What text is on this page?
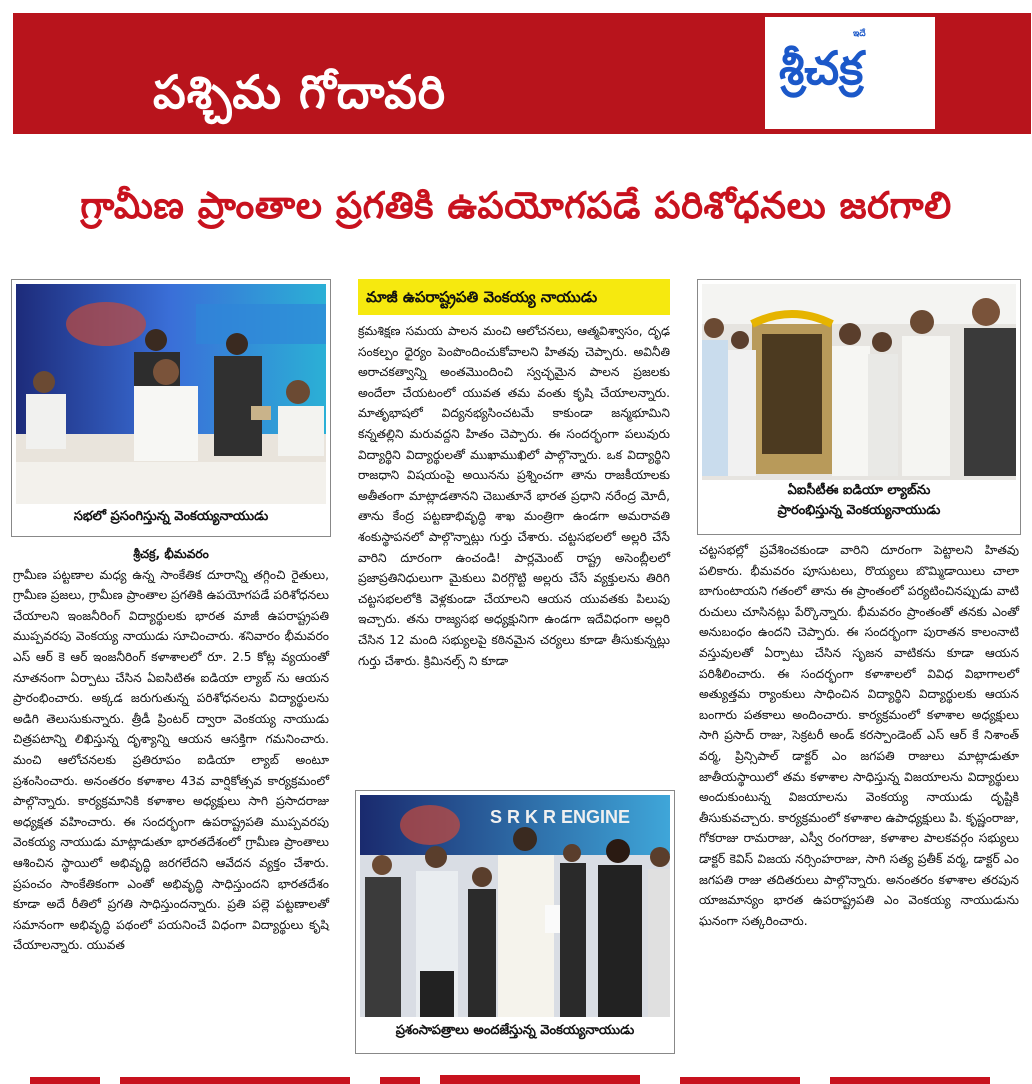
పశ్చిమ గోదావరి
ఇదే
శ్రీచక్ర
గ్రామీణ ప్రాంతాల ప్రగతికి ఉపయోగపడే పరిశోధనలు జరగాలి
సభలో ప్రసంగిస్తున్న వెంకయ్యనాయుడు

శ్రీచక్ర, భీమవరం

గ్రామీణ పట్టణాల మధ్య ఉన్న సాంకేతిక దూరాన్ని తగ్గించి రైతులు, గ్రామీణ ప్రజలు, గ్రామీణ ప్రాంతాల ప్రగతికి ఉపయోగపడే పరిశోధనలు చేయాలని ఇంజనీరింగ్ విద్యార్థులకు భారత మాజీ ఉపరాష్ట్రపతి ముప్పవరపు వెంకయ్య నాయుడు సూచించారు. శనివారం భీమవరం ఎస్ ఆర్ కె ఆర్ ఇంజనీరింగ్ కళాశాలలో రూ. 2.5 కోట్ల వ్యయంతో నూతనంగా ఏర్పాటు చేసిన ఏఐసిటిఈ ఐడియా ల్యాబ్ ను ఆయన ప్రారంభించారు. అక్కడ జరుగుతున్న పరిశోధనలను విద్యార్థులను అడిగి తెలుసుకున్నారు. త్రీడీ ప్రింటర్ ద్వారా వెంకయ్య నాయుడు చిత్రపటాన్ని లిఖిస్తున్న దృశ్యాన్ని ఆయన ఆసక్తిగా గమనించారు. మంచి ఆలోచనలకు ప్రతిరూపం ఐడియా ల్యాబ్ అంటూ ప్రశంసించారు. అనంతరం కళాశాల 43వ వార్షికోత్సవ కార్యక్రమంలో పాల్గొన్నారు. కార్యక్రమానికి కళాశాల అధ్యక్షులు సాగి ప్రసాదరాజు అధ్యక్షత వహించారు. ఈ సందర్భంగా ఉపరాష్ట్రపతి ముప్పవరపు వెంకయ్య నాయుడు మాట్లాడుతూ భారతదేశంలో గ్రామీణ ప్రాంతాలు ఆశించిన స్థాయిలో అభివృద్ధి జరగలేదని ఆవేదన వ్యక్తం చేశారు. ప్రపంచం సాంకేతికంగా ఎంతో అభివృద్ధి సాధిస్తుందని భారతదేశం కూడా అదే రీతిలో ప్రగతి సాధిస్తుందన్నారు. ప్రతి పల్లె పట్టణాలతో సమానంగా అభివృద్ధి పథంలో పయనించే విధంగా విద్యార్థులు కృషి చేయాలన్నారు. యువత

మాజీ ఉపరాష్ట్రపతి వెంకయ్య నాయుడు

క్రమశిక్షణ సమయ పాలన మంచి ఆలోచనలు, ఆత్మవిశ్వాసం, దృఢ సంకల్పం ధైర్యం పెంపొందించుకోవాలని హితవు చెప్పారు. అవినీతి అరాచకత్వాన్ని అంతమొందించి స్వచ్ఛమైన పాలన ప్రజలకు అందేలా చేయటంలో యువత తమ వంతు కృషి చేయాలన్నారు. మాతృభాషలో విద్యనభ్యసించటమే కాకుండా జన్మభూమిని కన్నతల్లిని మరువద్దని హితం చెప్పారు. ఈ సందర్భంగా పలువురు విద్యార్థిని విద్యార్థులతో ముఖాముఖిలో పాల్గొన్నారు. ఒక విద్యార్థిని రాజధాని విషయంపై అయినను ప్రశ్నించగా తాను రాజకీయాలకు అతీతంగా మాట్లాడతానని చెబుతూనే భారత ప్రధాని నరేంద్ర మోదీ, తాను కేంద్ర పట్టణాభివృద్ధి శాఖ మంత్రిగా ఉండగా అమరావతి శంకుస్థాపనలో పాల్గొన్నాట్లు గుర్తు చేశారు. చట్టసభలలో అల్లరి చేసే వారిని దూరంగా ఉంచండి! పార్లమెంట్ రాష్ట్ర అసెంబ్లీలలో ప్రజాప్రతినిధులుగా మైకులు విరగ్గొట్టి అల్లరు చేసే వ్యక్తులను తిరిగి చట్టసభలలోకి వెళ్లకుండా చేయాలని ఆయన యువతకు పిలుపు ఇచ్చారు. తను రాజ్యసభ అధ్యక్షునిగా ఉండగా ఇదేవిధంగా అల్లరి చేసిన 12 మంది సభ్యులపై కఠినమైన చర్యలు కూడా తీసుకున్నట్లు గుర్తు చేశారు. క్రిమినల్స్ ని కూడా

S R K R ENGINE
ప్రశంసాపత్రాలు అందజేస్తున్న వెంకయ్యనాయుడు
ఏఐసీటీఈ ఐడియా ల్యాబ్‌ను
ప్రారంభిస్తున్న వెంకయ్యనాయుడు

చట్టసభల్లో ప్రవేశించకుండా వారిని దూరంగా పెట్టాలని హితవు పలికారు. భీమవరం పూసుటలు, రొయ్యలు బొమ్మిడాయిలు చాలా బాగుంటాయని గతంలో తాను ఈ ప్రాంతంలో పర్యటించినప్పుడు వాటి రుచులు చూసినట్లు పేర్కొన్నారు. భీమవరం ప్రాంతంతో తనకు ఎంతో అనుబంధం ఉందని చెప్పారు. ఈ సందర్భంగా పురాతన కాలంనాటి వస్తువులతో ఏర్పాటు చేసిన సృజన వాటికను కూడా ఆయన పరిశీలించారు. ఈ సందర్భంగా కళాశాలలో వివిధ విభాగాలలో అత్యుత్తమ ర్యాంకులు సాధించిన విద్యార్థిని విద్యార్థులకు ఆయన బంగారు పతకాలు అందించారు. కార్యక్రమంలో కళాశాల అధ్యక్షులు సాగి ప్రసాద్ రాజు, సెక్రటరీ అండ్ కరస్పాండెంట్ ఎస్ ఆర్ కే నిశాంత్ వర్మ, ప్రిన్సిపాల్ డాక్టర్ ఎం జగపతి రాజులు మాట్లాడుతూ జాతీయస్థాయిలో తమ కళాశాల సాధిస్తున్న విజయాలను విద్యార్థులు అందుకుంటున్న విజయాలను వెంకయ్య నాయుడు దృష్టికి తీసుకువచ్చారు. కార్యక్రమంలో కళాశాల ఉపాధ్యక్షులు పి. కృష్ణంరాజు, గోకరాజు రామరాజు, ఎస్వీ రంగరాజు, కళాశాల పాలకవర్గం సభ్యులు డాక్టర్ కెవిస్ విజయ నర్సింహరాజు, సాగి సత్య ప్రతీక్ వర్మ, డాక్టర్ ఎం జగపతి రాజు తదితరులు పాల్గొన్నారు. అనంతరం కళాశాల తరపున యాజమాన్యం భారత ఉపరాష్ట్రపతి ఎం వెంకయ్య నాయుడును ఘనంగా సత్కరించారు.
